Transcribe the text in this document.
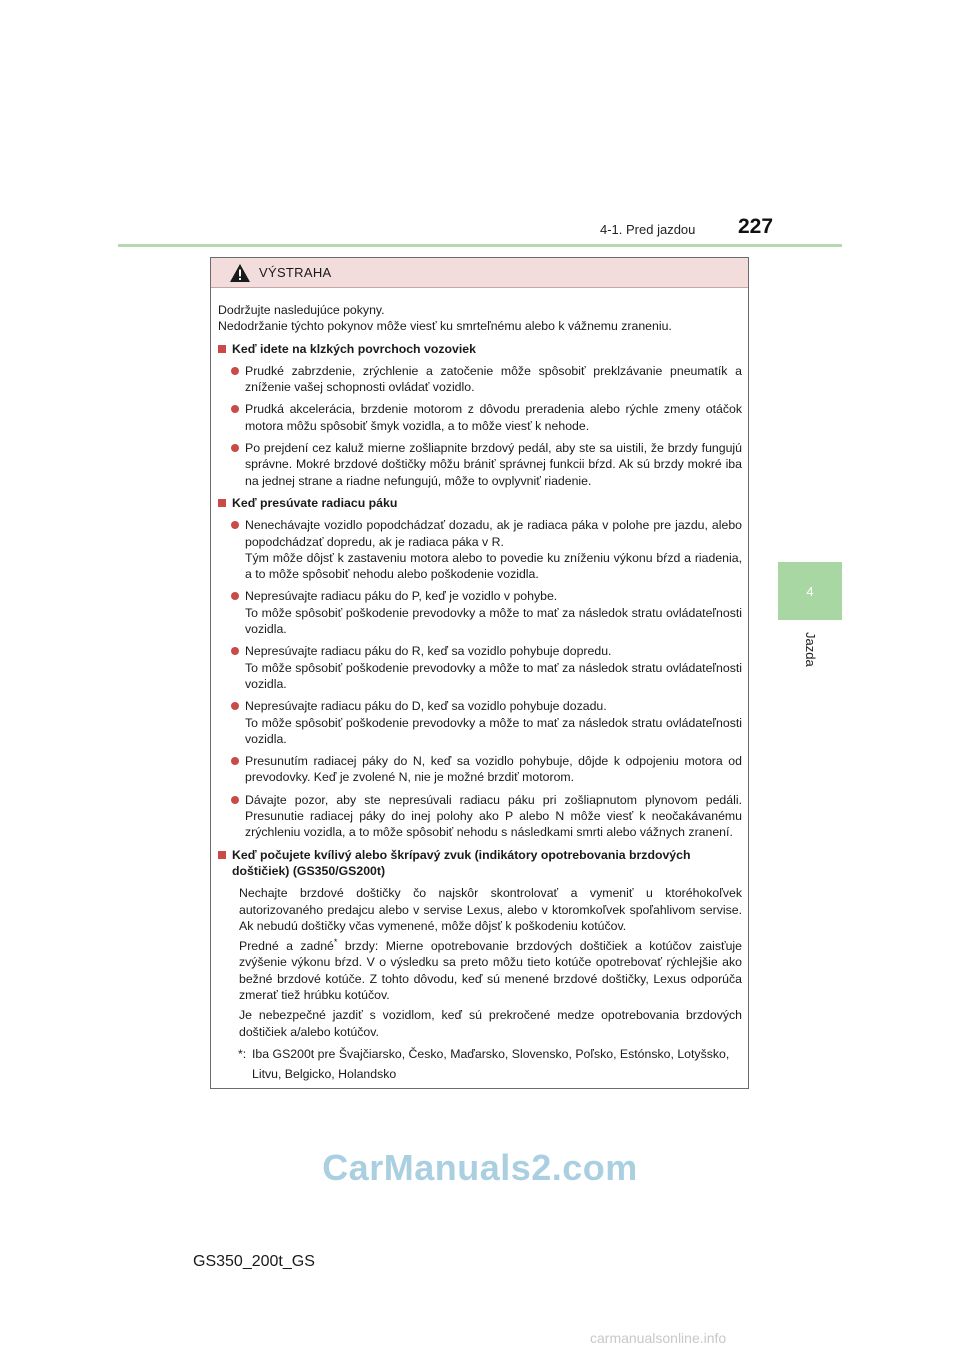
4-1. Pred jazdou 227
4
Jazda
VÝSTRAHA

Dodržujte nasledujúce pokyny.

Nedodržanie týchto pokynov môže viesť ku smrteľnému alebo k vážnemu zraneniu.

Keď idete na klzkých povrchoch vozoviek

Prudké zabrzdenie, zrýchlenie a zatočenie môže spôsobiť preklzávanie pneumatík a zníženie vašej schopnosti ovládať vozidlo.

Prudká akcelerácia, brzdenie motorom z dôvodu preradenia alebo rýchle zmeny otáčok motora môžu spôsobiť šmyk vozidla, a to môže viesť k nehode.

Po prejdení cez kaluž mierne zošliapnite brzdový pedál, aby ste sa uistili, že brzdy fungujú správne. Mokré brzdové doštičky môžu brániť správnej funkcii bŕzd. Ak sú brzdy mokré iba na jednej strane a riadne nefungujú, môže to ovplyvniť riadenie.

Keď presúvate radiacu páku

Nenechávajte vozidlo popodchádzať dozadu, ak je radiaca páka v polohe pre jazdu, alebo popodchádzať dopredu, ak je radiaca páka v R.

Tým môže dôjsť k zastaveniu motora alebo to povedie ku zníženiu výkonu bŕzd a riadenia, a to môže spôsobiť nehodu alebo poškodenie vozidla.

Nepresúvajte radiacu páku do P, keď je vozidlo v pohybe.

To môže spôsobiť poškodenie prevodovky a môže to mať za následok stratu ovládateľnosti vozidla.

Nepresúvajte radiacu páku do R, keď sa vozidlo pohybuje dopredu.

To môže spôsobiť poškodenie prevodovky a môže to mať za následok stratu ovládateľnosti vozidla.

Nepresúvajte radiacu páku do D, keď sa vozidlo pohybuje dozadu.

To môže spôsobiť poškodenie prevodovky a môže to mať za následok stratu ovládateľnosti vozidla.

Presunutím radiacej páky do N, keď sa vozidlo pohybuje, dôjde k odpojeniu motora od prevodovky. Keď je zvolené N, nie je možné brzdiť motorom.

Dávajte pozor, aby ste nepresúvali radiacu páku pri zošliapnutom plynovom pedáli. Presunutie radiacej páky do inej polohy ako P alebo N môže viesť k neočakávanému zrýchleniu vozidla, a to môže spôsobiť nehodu s následkami smrti alebo vážnych zranení.

Keď počujete kvílivý alebo škrípavý zvuk (indikátory opotrebovania brzdových doštičiek) (GS350/GS200t)

Nechajte brzdové doštičky čo najskôr skontrolovať a vymeniť u ktoréhokoľvek autorizovaného predajcu alebo v servise Lexus, alebo v ktoromkoľvek spoľahlivom servise. Ak nebudú doštičky včas vymenené, môže dôjsť k poškodeniu kotúčov.

Predné a zadné* brzdy: Mierne opotrebovanie brzdových doštičiek a kotúčov zaisťuje zvýšenie výkonu bŕzd. V o výsledku sa preto môžu tieto kotúče opotrebovať rýchlejšie ako bežné brzdové kotúče. Z tohto dôvodu, keď sú menené brzdové doštičky, Lexus odporúča zmerať tiež hrúbku kotúčov.

Je nebezpečné jazdiť s vozidlom, keď sú prekročené medze opotrebovania brzdových doštičiek a/alebo kotúčov.

*: Iba GS200t pre Švajčiarsko, Česko, Maďarsko, Slovensko, Poľsko, Estónsko, Lotyšsko, Litvu, Belgicko, Holandsko
CarManuals2.com
GS350_200t_GS
carmanualsonline.info
